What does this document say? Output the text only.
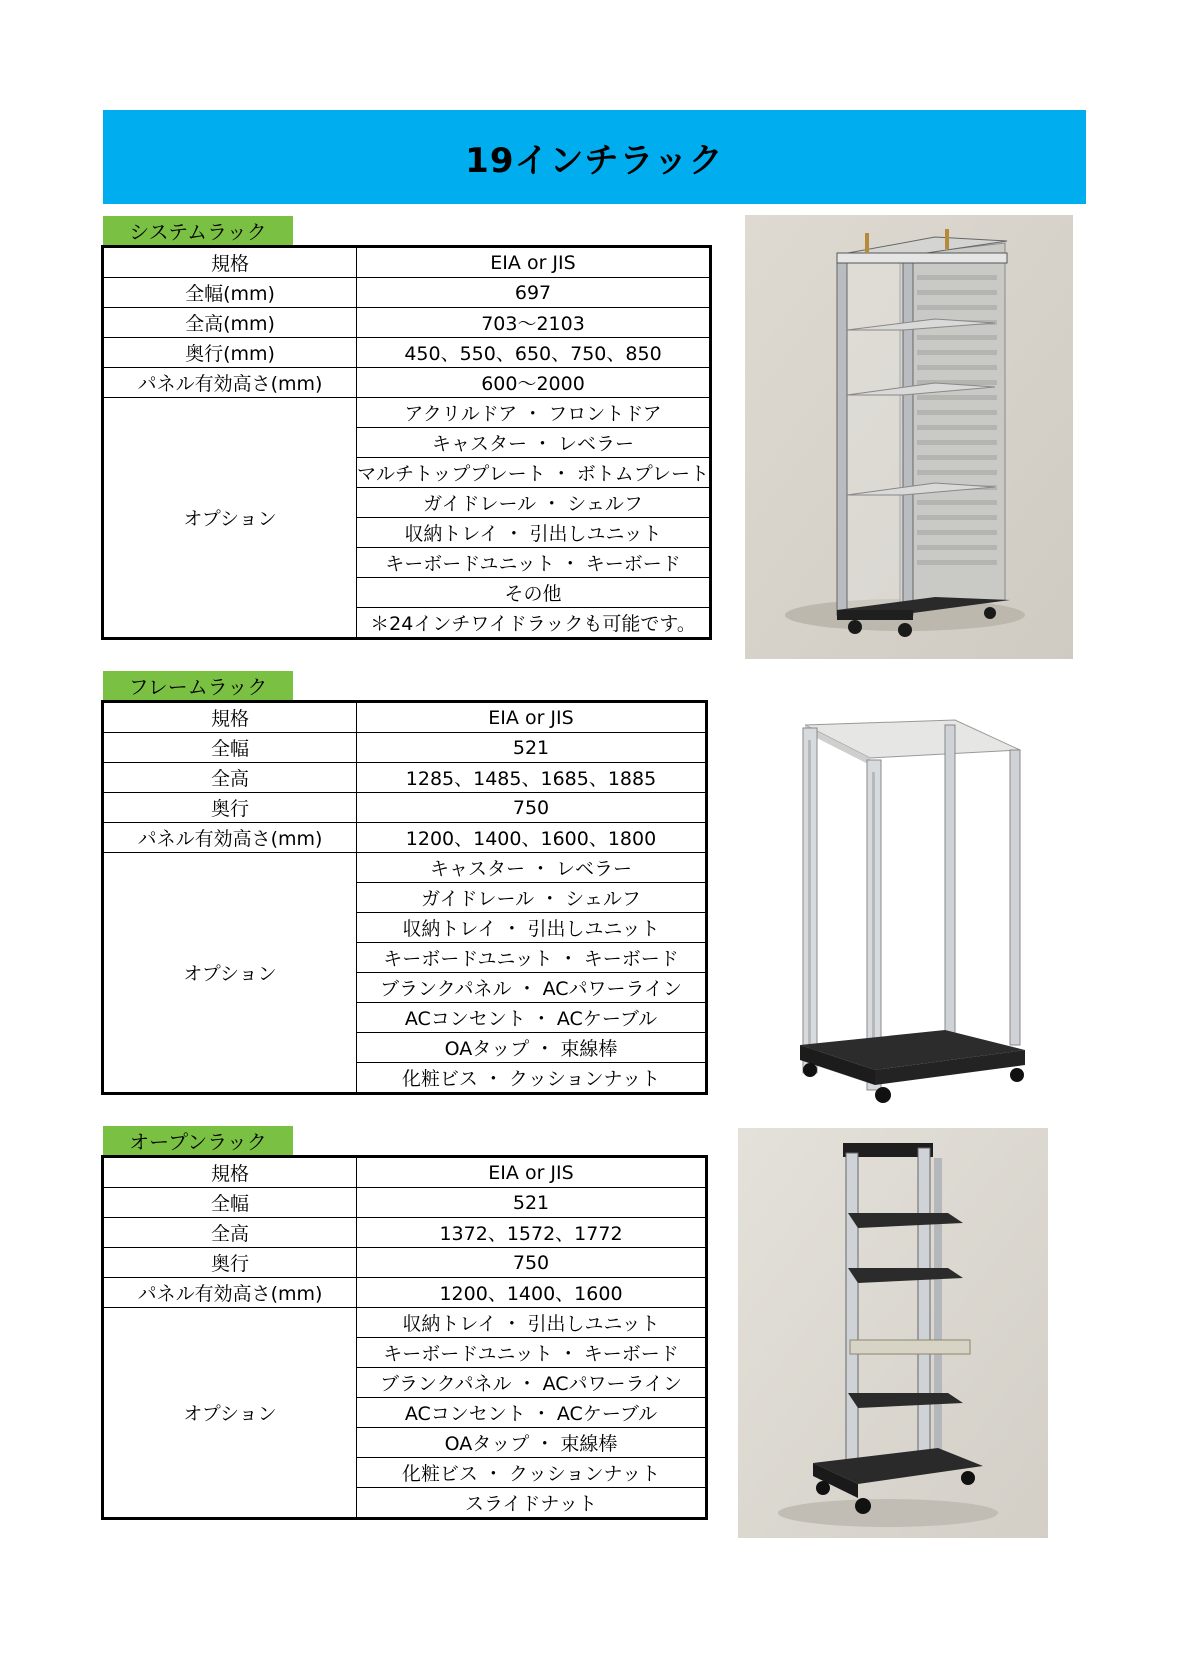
19インチラック
システムラック
規格	EIA or JIS
全幅(mm)	697
全高(mm)	703〜2103
奥行(mm)	450、550、650、750、850
パネル有効高さ(mm)	600〜2000
オプション	アクリルドア ・ フロントドア
	キャスター ・ レベラー
	マルチトッププレート ・ ボトムプレート
	ガイドレール ・ シェルフ
	収納トレイ ・ 引出しユニット
	キーボードユニット ・ キーボード
	その他
	＊24インチワイドラックも可能です。
フレームラック
規格	EIA or JIS
全幅	521
全高	1285、1485、1685、1885
奥行	750
パネル有効高さ(mm)	1200、1400、1600、1800
オプション	キャスター ・ レベラー
	ガイドレール ・ シェルフ
	収納トレイ ・ 引出しユニット
	キーボードユニット ・ キーボード
	ブランクパネル ・ ACパワーライン
	ACコンセント ・ ACケーブル
	OAタップ ・ 束線棒
	化粧ビス ・ クッションナット
オープンラック
規格	EIA or JIS
全幅	521
全高	1372、1572、1772
奥行	750
パネル有効高さ(mm)	1200、1400、1600
オプション	収納トレイ ・ 引出しユニット
	キーボードユニット ・ キーボード
	ブランクパネル ・ ACパワーライン
	ACコンセント ・ ACケーブル
	OAタップ ・ 束線棒
	化粧ビス ・ クッションナット
	スライドナット
